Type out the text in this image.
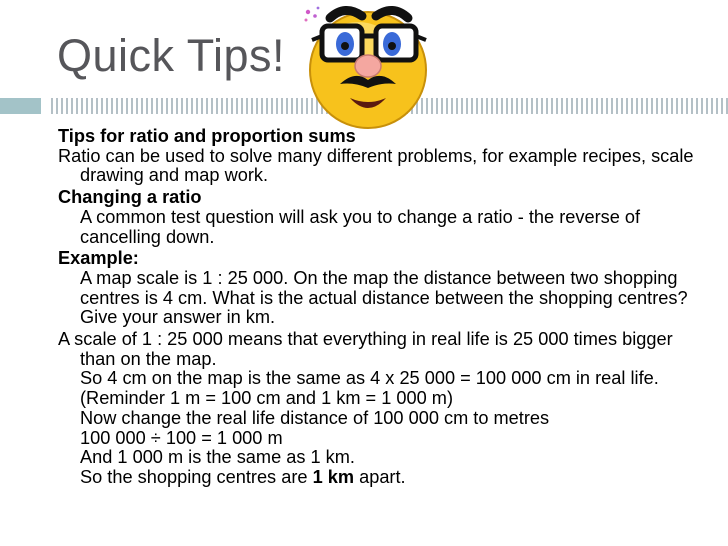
Quick Tips!
Tips for ratio and proportion sums
Ratio can be used to solve many different problems, for example recipes, scale drawing and map work.
Changing a ratio
A common test question will ask you to change a ratio - the reverse of cancelling down.
Example:
A map scale is 1 : 25 000. On the map the distance between two shopping centres is 4 cm. What is the actual distance between the shopping centres? Give your answer in km.
A scale of 1 : 25 000 means that everything in real life is 25 000 times bigger than on the map.
So 4 cm on the map is the same as 4 x 25 000 = 100 000 cm in real life.
(Reminder 1 m = 100 cm and 1 km = 1 000 m)
Now change the real life distance of 100 000 cm to metres
100 000 ÷ 100 = 1 000 m
And 1 000 m is the same as 1 km.
So the shopping centres are 1 km apart.
